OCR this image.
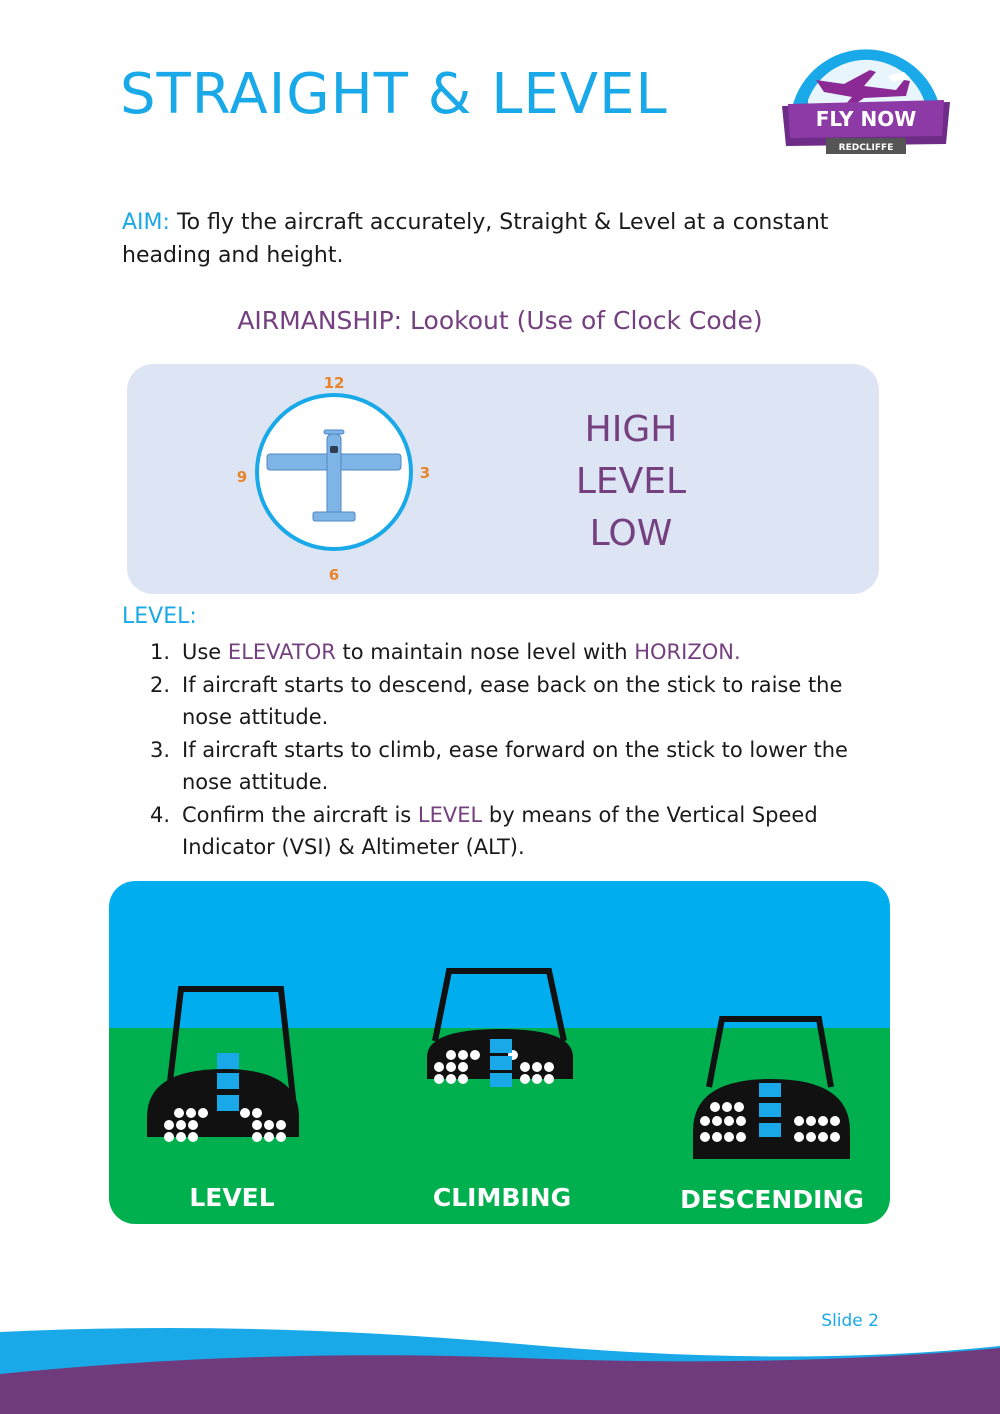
STRAIGHT & LEVEL	FLY NOW
REDCLIFFE

AIM: To fly the aircraft accurately, Straight & Level at a constant heading and height.

AIRMANSHIP: Lookout (Use of Clock Code)
12
3
6
9
HIGH
LEVEL
LOW
LEVEL:
1. Use ELEVATOR to maintain nose level with HORIZON.
2. If aircraft starts to descend, ease back on the stick to raise the nose attitude.
3. If aircraft starts to climb, ease forward on the stick to lower the nose attitude.
4. Confirm the aircraft is LEVEL by means of the Vertical Speed Indicator (VSI) & Altimeter (ALT).
LEVEL	CLIMBING	DESCENDING

Slide 2
